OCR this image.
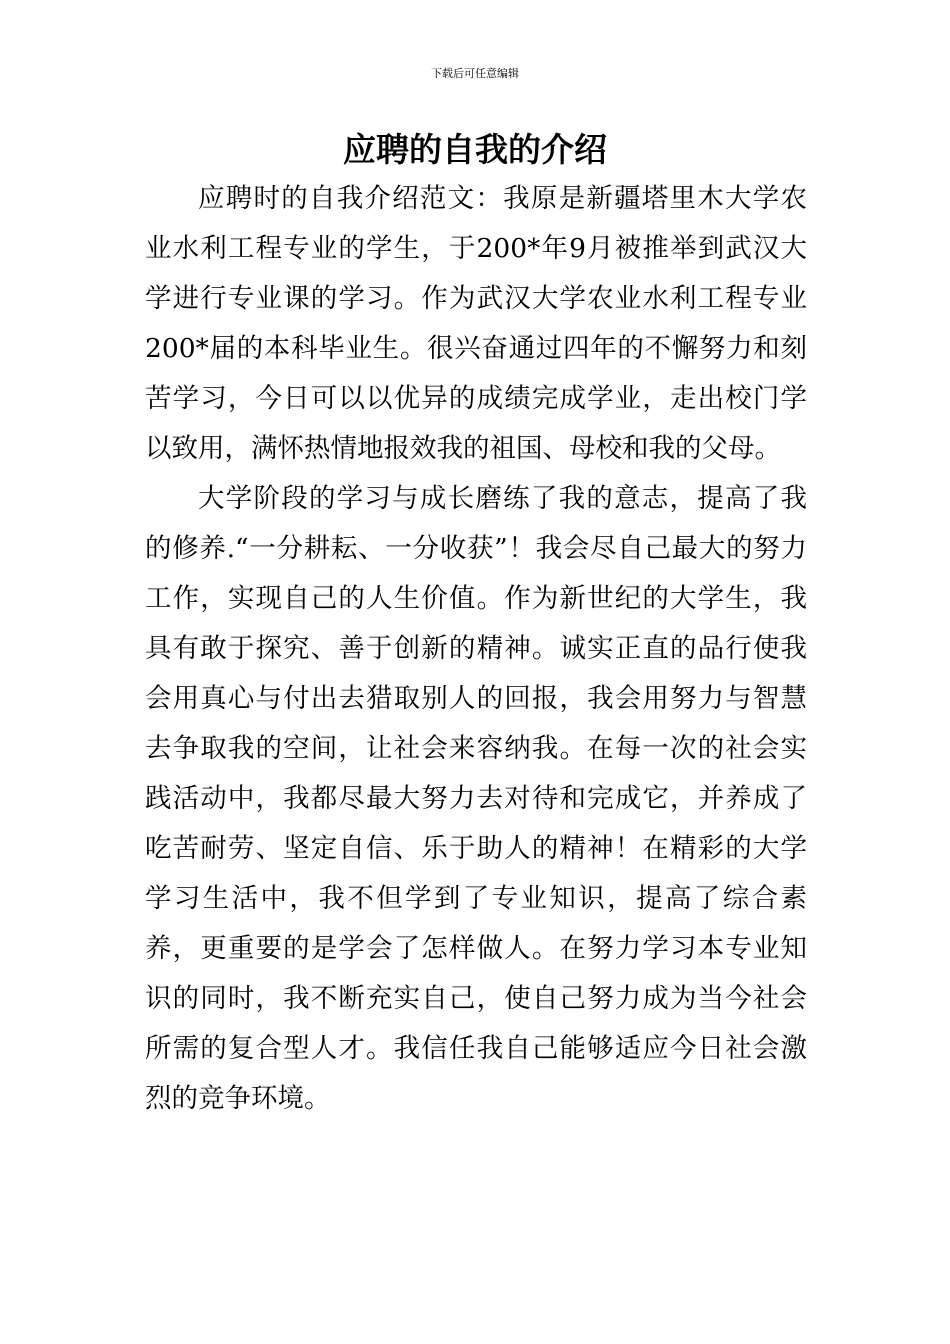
下载后可任意编辑
应聘的自我的介绍

应聘时的自我介绍范文：我原是新疆塔里木大学农业水利工程专业的学生，于200*年9月被推举到武汉大学进行专业课的学习。作为武汉大学农业水利工程专业200*届的本科毕业生。很兴奋通过四年的不懈努力和刻苦学习，今日可以以优异的成绩完成学业，走出校门学以致用，满怀热情地报效我的祖国、母校和我的父母。

大学阶段的学习与成长磨练了我的意志，提高了我的修养.“一分耕耘、一分收获”！我会尽自己最大的努力工作，实现自己的人生价值。作为新世纪的大学生，我具有敢于探究、善于创新的精神。诚实正直的品行使我会用真心与付出去猎取别人的回报，我会用努力与智慧去争取我的空间，让社会来容纳我。在每一次的社会实践活动中，我都尽最大努力去对待和完成它，并养成了吃苦耐劳、坚定自信、乐于助人的精神！在精彩的大学学习生活中，我不但学到了专业知识，提高了综合素养，更重要的是学会了怎样做人。在努力学习本专业知识的同时，我不断充实自己，使自己努力成为当今社会所需的复合型人才。我信任我自己能够适应今日社会激烈的竞争环境。
